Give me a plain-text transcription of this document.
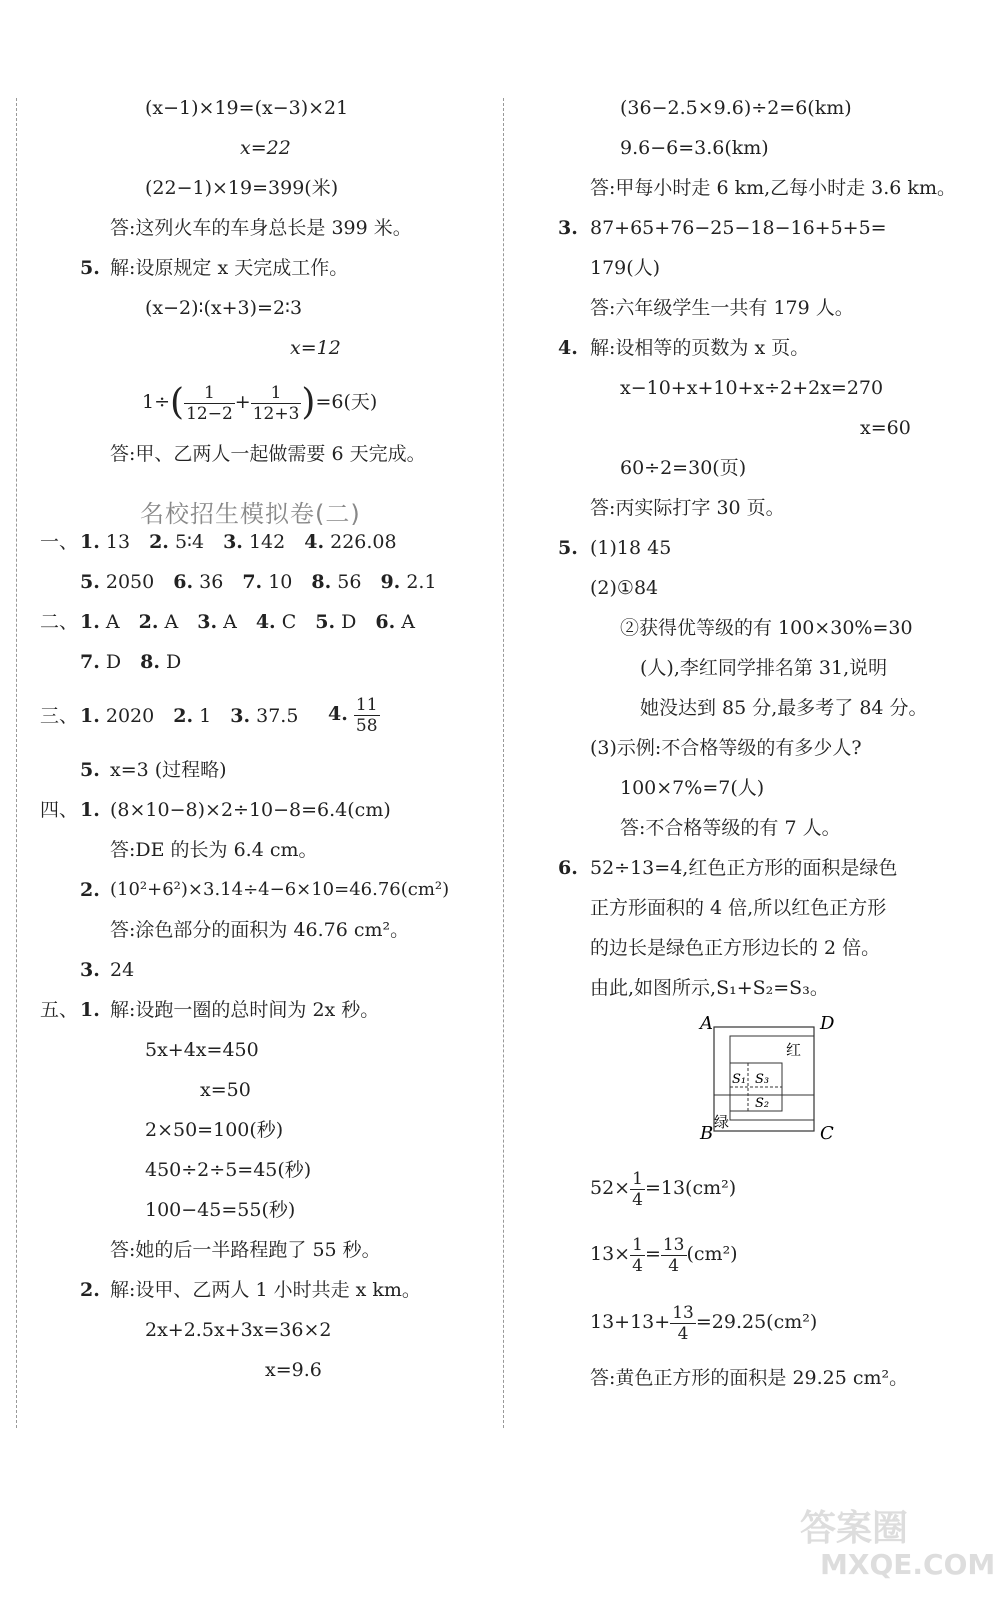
(x−1)×19=(x−3)×21
x=22
(22−1)×19=399(米)
答:这列火车的车身总长是 399 米。
5. 解:设原规定 x 天完成工作。
(x−2)∶(x+3)=2∶3
x=12
$1\div( \frac{1}{12-2} + \frac{1}{12+3} )=6$(天)
答:甲、乙两人一起做需要 6 天完成。
名校招生模拟卷(二)
一、 1. 13  2. 5∶4  3. 142  4. 226.08
5. 2050  6. 36  7. 10  8. 56  9. 2.1
二、 1. A  2. A  3. A  4. C  5. D  6. A
7. D  8. D
三、 1. 2020  2. 1  3. 37.5 4. $\frac{11}{58}$
5. x=3 (过程略)
四、 1. (8×10−8)×2÷10−8=6.4(cm)
答:DE 的长为 6.4 cm。
2. (10²+6²)×3.14÷4−6×10=46.76(cm²)
答:涂色部分的面积为 46.76 cm²。
3. 24
五、 1. 解:设跑一圈的总时间为 2x 秒。
5x+4x=450
x=50
2×50=100(秒)
450÷2÷5=45(秒)
100−45=55(秒)
答:她的后一半路程跑了 55 秒。
2. 解:设甲、乙两人 1 小时共走 x km。
2x+2.5x+3x=36×2
x=9.6
(36−2.5×9.6)÷2=6(km)
9.6−6=3.6(km)
答:甲每小时走 6 km,乙每小时走 3.6 km。
3. 87+65+76−25−18−16+5+5=
179(人)
答:六年级学生一共有 179 人。
4. 解:设相等的页数为 x 页。
x−10+x+10+x÷2+2x=270
x=60
60÷2=30(页)
答:丙实际打字 30 页。
5. (1)18 45
(2)①84
②获得优等级的有 100×30%=30
(人),李红同学排名第 31,说明
她没达到 85 分,最多考了 84 分。
(3)示例:不合格等级的有多少人?
100×7%=7(人)
答:不合格等级的有 7 人。
6. 52÷13=4,红色正方形的面积是绿色
正方形面积的 4 倍,所以红色正方形
的边长是绿色正方形边长的 2 倍。
由此,如图所示,S₁+S₂=S₃。
A	D
B	C
红
绿
S₁ S₃
S₂
$52\times \frac{1}{4} =13(cm^2)$
$13\times \frac{1}{4} = \frac{13}{4} (cm^2)$
$13+13+ \frac{13}{4} =29.25(cm^2)$
答:黄色正方形的面积是 29.25 cm²。
答案圈
MXQE.COM
